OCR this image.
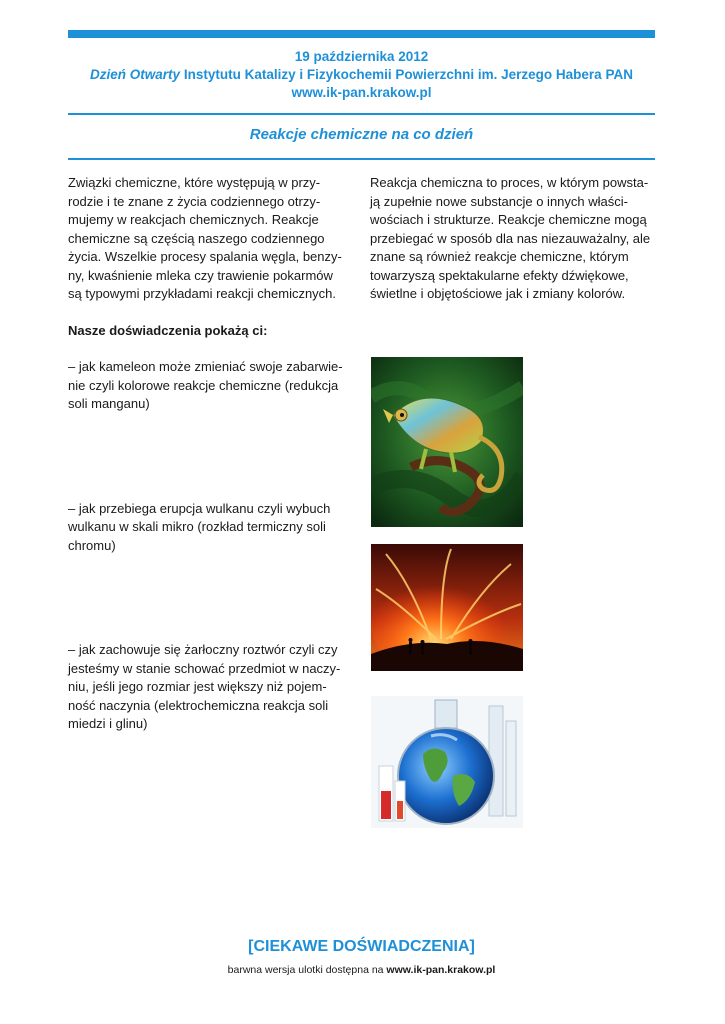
19 października 2012
Dzień Otwarty Instytutu Katalizy i Fizykochemii Powierzchni im. Jerzego Habera PAN
www.ik-pan.krakow.pl
Reakcje chemiczne na co dzień

Związki chemiczne, które występują w przy-
rodzie i te znane z życia codziennego otrzy-
mujemy w reakcjach chemicznych. Reakcje
chemiczne są częścią naszego codziennego
życia. Wszelkie procesy spalania węgla, benzy-
ny, kwaśnienie mleka czy trawienie pokarmów
są typowymi przykładami reakcji chemicznych.

Nasze doświadczenia pokażą ci:

– jak kameleon może zmieniać swoje zabarwie-
nie czyli kolorowe reakcje chemiczne (redukcja
soli manganu)

– jak przebiega erupcja wulkanu czyli wybuch
wulkanu w skali mikro (rozkład termiczny soli
chromu)

– jak zachowuje się żarłoczny roztwór czyli czy
jesteśmy w stanie schować przedmiot w naczy-
niu, jeśli jego rozmiar jest większy niż pojem-
ność naczynia (elektrochemiczna reakcja soli
miedzi i glinu)

Reakcja chemiczna to proces, w którym powsta-
ją zupełnie nowe substancje o innych właści-
wościach i strukturze. Reakcje chemiczne mogą
przebiegać w sposób dla nas niezauważalny, ale
znane są również reakcje chemiczne, którym
towarzyszą spektakularne efekty dźwiękowe,
świetlne i objętościowe jak i zmiany kolorów.

[CIEKAWE DOŚWIADCZENIA]
barwna wersja ulotki dostępna na www.ik-pan.krakow.pl
